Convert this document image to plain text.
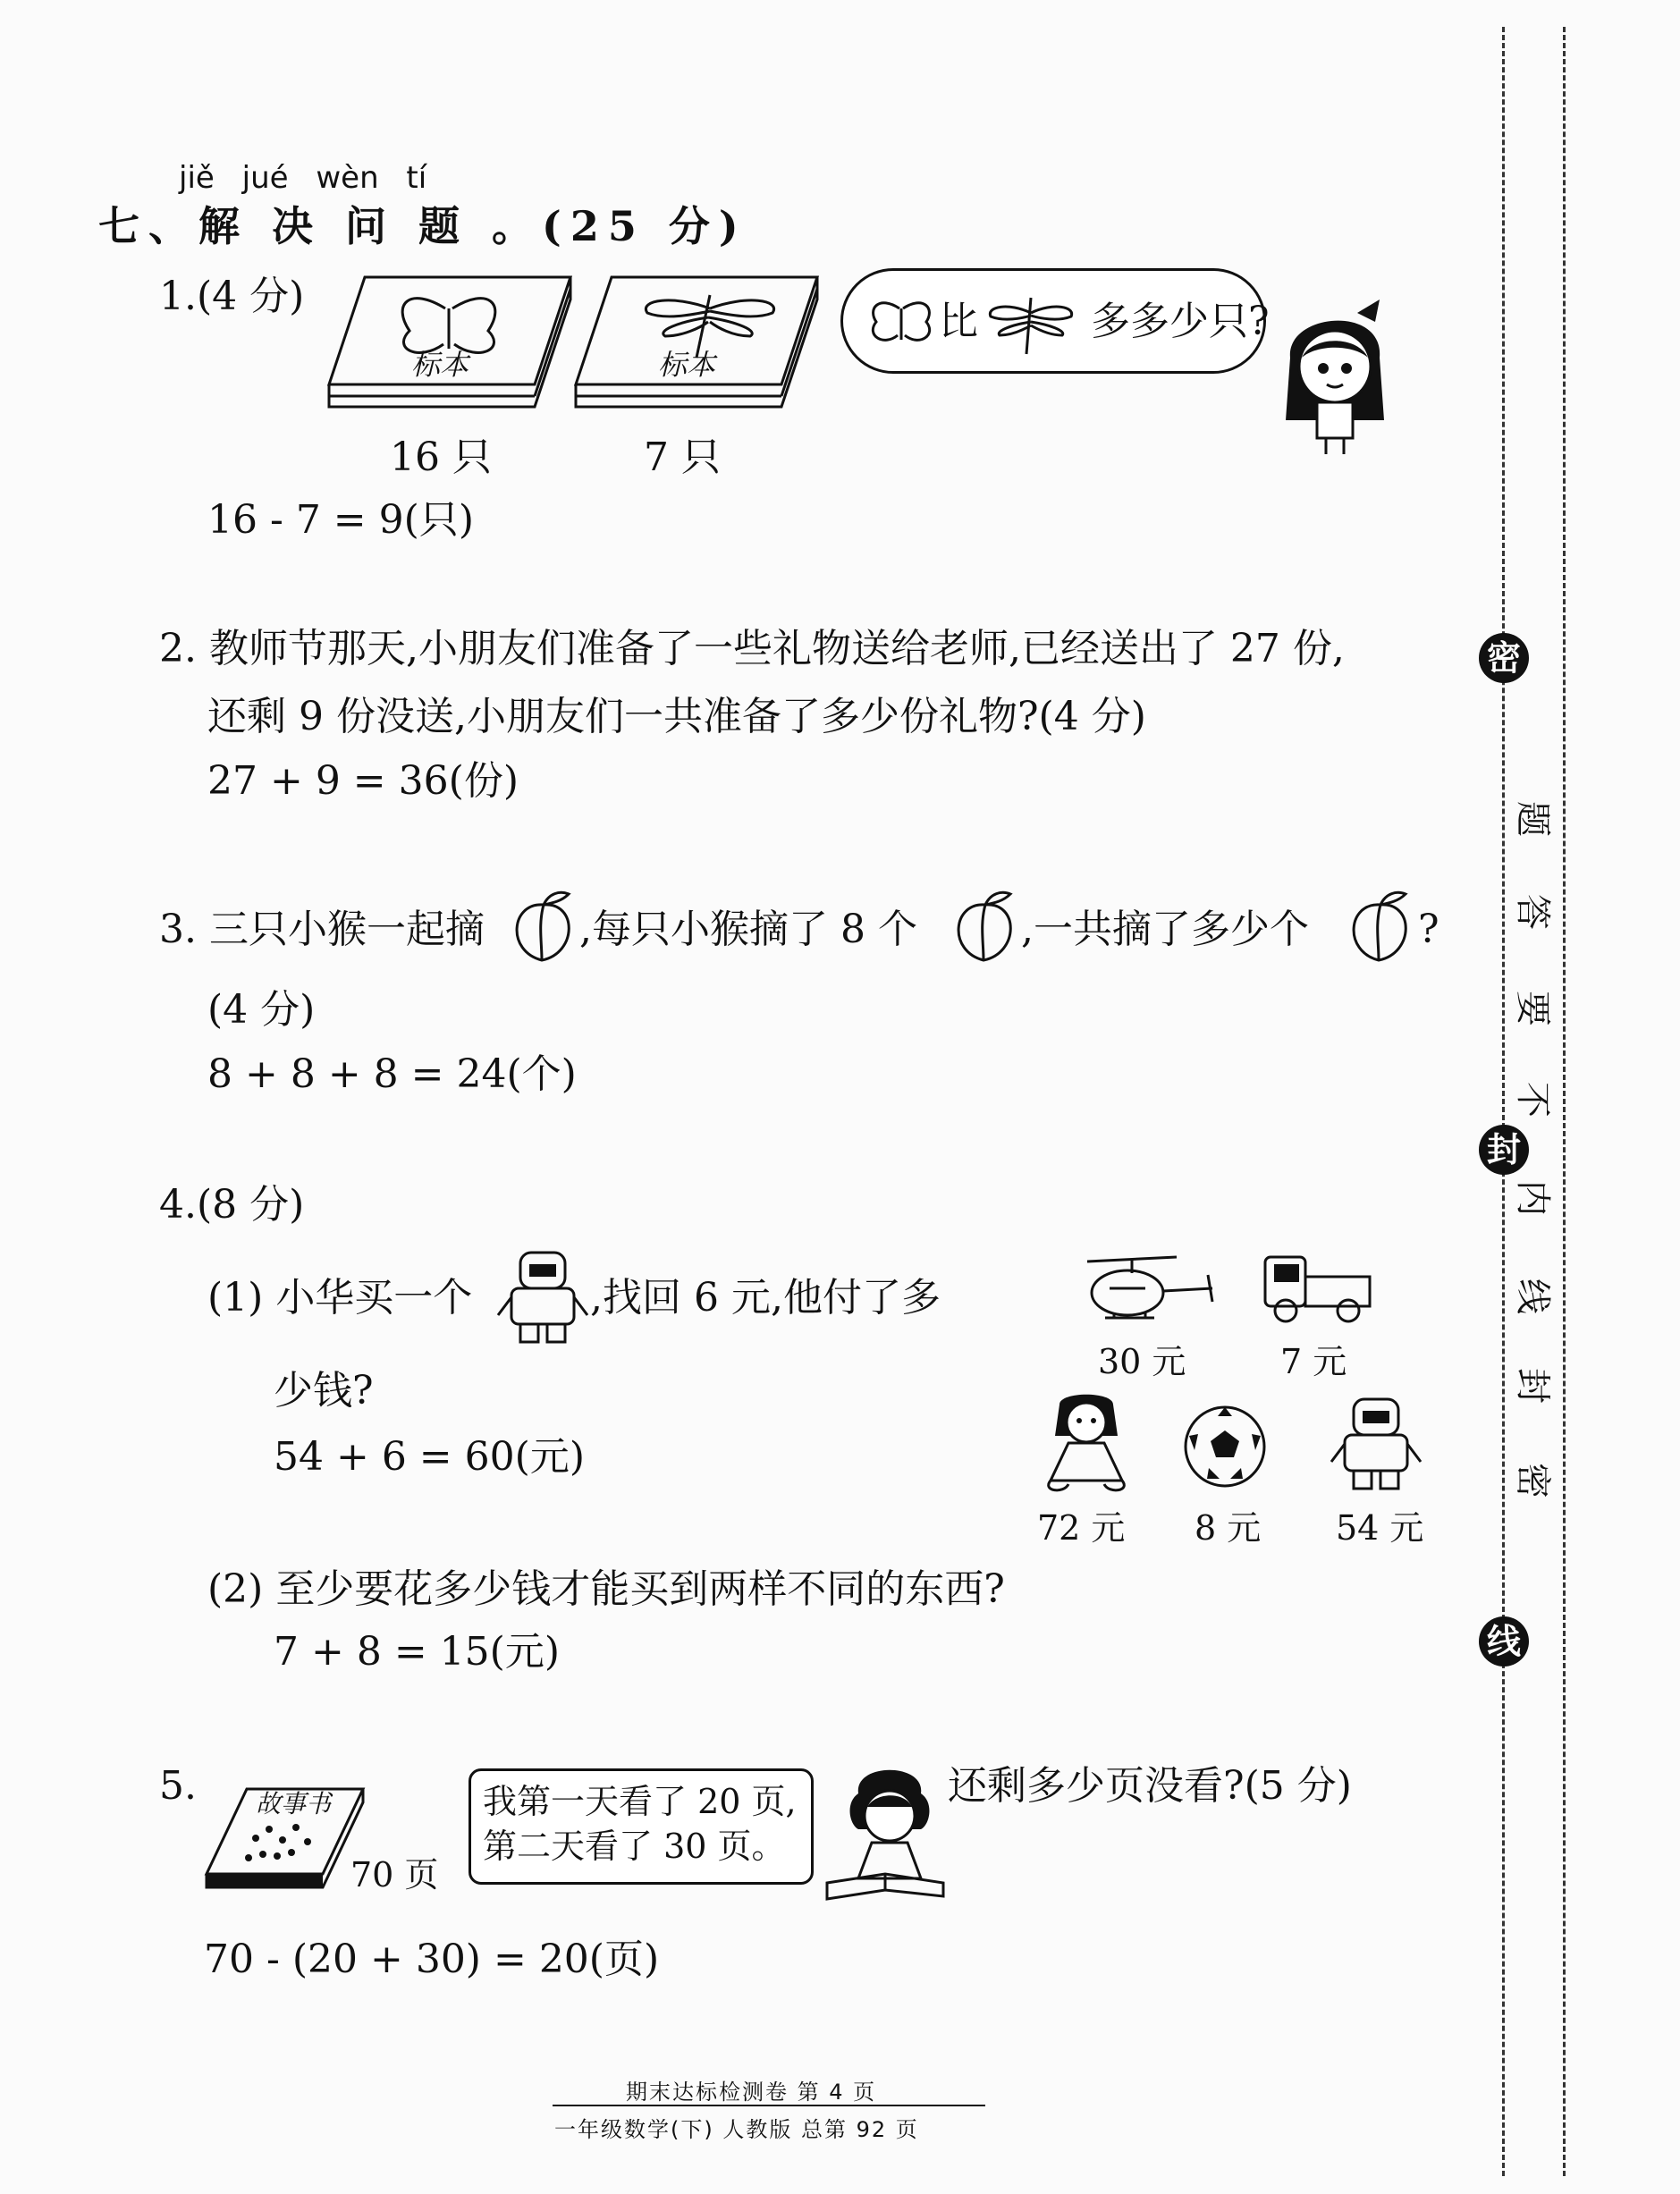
jiě jué wèn tí
七、解 决 问 题 。(25 分)
1.(4 分)
标本	标本
16 只	7 只
比	多多少只?
16 - 7 = 9(只)
2. 教师节那天,小朋友们准备了一些礼物送给老师,已经送出了 27 份,
还剩 9 份没送,小朋友们一共准备了多少份礼物?(4 分)
27 + 9 = 36(份)
3. 三只小猴一起摘 ,每只小猴摘了 8 个	,一共摘了多少个	?
(4 分)
8 + 8 + 8 = 24(个)
4.(8 分)
(1) 小华买一个	,找回 6 元,他付了多
少钱?
54 + 6 = 60(元)
30 元	7 元
72 元 8 元 54 元
(2) 至少要花多少钱才能买到两样不同的东西?
7 + 8 = 15(元)
5. 故事书
70 页
我第一天看了 20 页,
第二天看了 30 页。
还剩多少页没看?(5 分)
70 - (20 + 30) = 20(页)
密
封
线
题
答
要
不
内
线
封
密
期末达标检测卷 第 4 页
一年级数学(下) 人教版 总第 92 页
